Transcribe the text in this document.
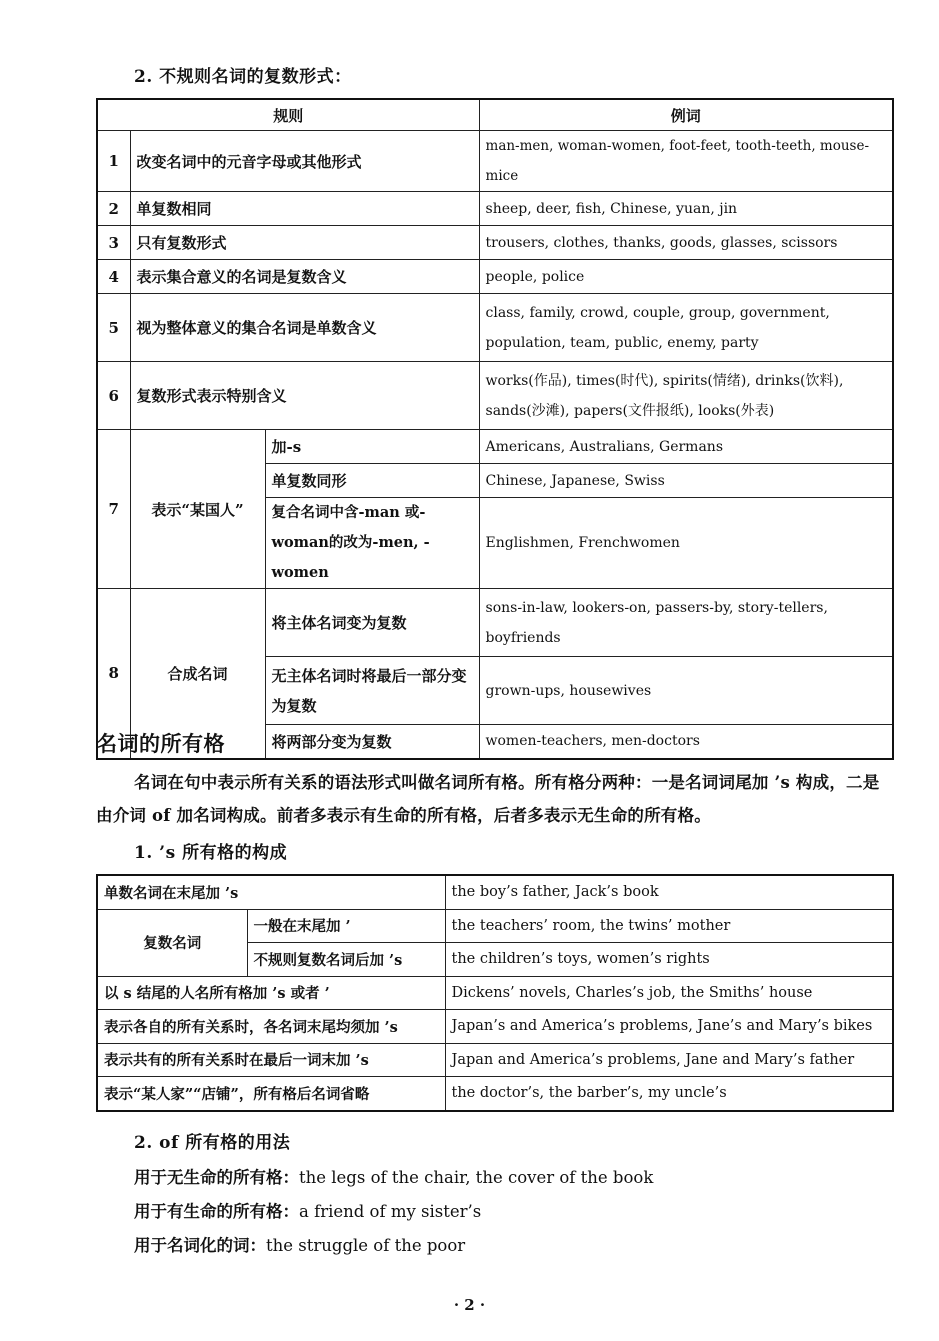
2. 不规则名词的复数形式：
规则			例词
1	改变名词中的元音字母或其他形式		man-men, woman-women, foot-feet, tooth-teeth, mouse-mice
2	单复数相同		sheep, deer, fish, Chinese, yuan, jin
3	只有复数形式		trousers, clothes, thanks, goods, glasses, scissors
4	表示集合意义的名词是复数含义		people, police
5	视为整体意义的集合名词是单数含义		class, family, crowd, couple, group, government, population, team, public, enemy, party
6	复数形式表示特别含义		works(作品), times(时代), spirits(情绪), drinks(饮料), sands(沙滩), papers(文件报纸), looks(外表)
7	表示“某国人”	加-s	Americans, Australians, Germans
		单复数同形	Chinese, Japanese, Swiss
		复合名词中含-man 或-woman的改为-men, -women	Englishmen, Frenchwomen
8	合成名词	将主体名词变为复数	sons-in-law, lookers-on, passers-by, story-tellers, boyfriends
		无主体名词时将最后一部分变为复数	grown-ups, housewives
		将两部分变为复数	women-teachers, men-doctors
名词的所有格
名词在句中表示所有关系的语法形式叫做名词所有格。所有格分两种：一是名词词尾加 ’s 构成，二是由介词 of 加名词构成。前者多表示有生命的所有格，后者多表示无生命的所有格。
1. ’s 所有格的构成
单数名词在末尾加 ’s		the boy’s father, Jack’s book
复数名词	一般在末尾加 ’	the teachers’ room, the twins’ mother
	不规则复数名词后加 ’s	the children’s toys, women’s rights
以 s 结尾的人名所有格加 ’s 或者 ’		Dickens’ novels, Charles’s job, the Smiths’ house
表示各自的所有关系时，各名词末尾均须加 ’s		Japan’s and America’s problems, Jane’s and Mary’s bikes
表示共有的所有关系时在最后一词末加 ’s		Japan and America’s problems, Jane and Mary’s father
表示“某人家”“店铺”，所有格后名词省略		the doctor’s, the barber’s, my uncle’s
2. of 所有格的用法
用于无生命的所有格：the legs of the chair, the cover of the book
用于有生命的所有格：a friend of my sister’s
用于名词化的词：the struggle of the poor
· 2 ·
